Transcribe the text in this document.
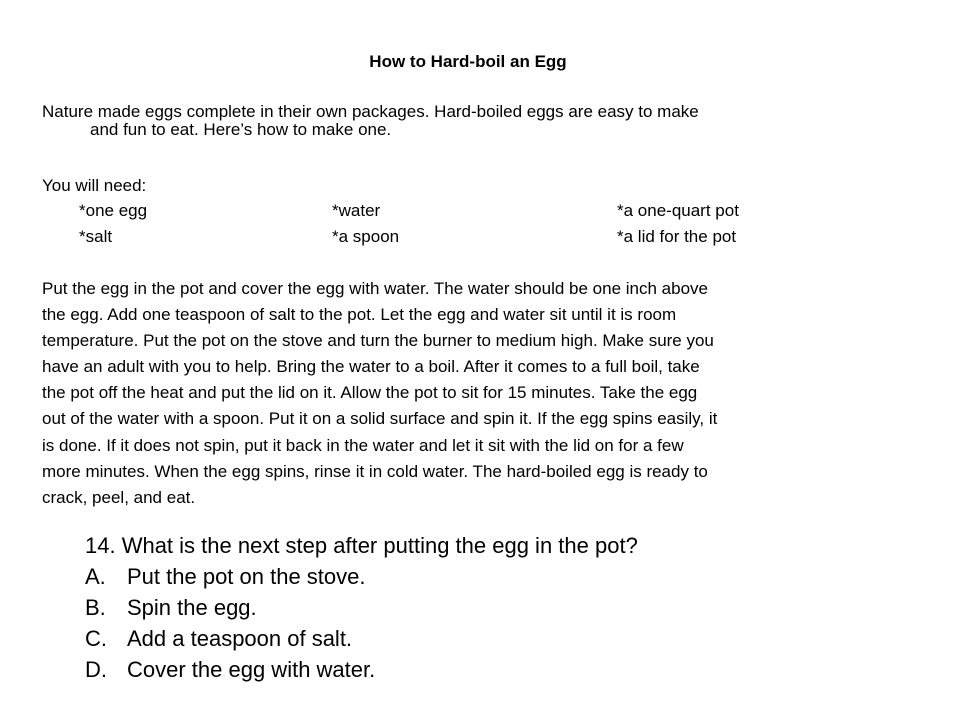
How to Hard-boil an Egg
Nature made eggs complete in their own packages. Hard-boiled eggs are easy to make
and fun to eat. Here’s how to make one.
You will need:
*one egg	*water	*a one-quart pot
*salt	*a spoon	*a lid for the pot
Put the egg in the pot and cover the egg with water. The water should be one inch above
the egg. Add one teaspoon of salt to the pot. Let the egg and water sit until it is room
temperature. Put the pot on the stove and turn the burner to medium high. Make sure you
have an adult with you to help. Bring the water to a boil. After it comes to a full boil, take
the pot off the heat and put the lid on it. Allow the pot to sit for 15 minutes. Take the egg
out of the water with a spoon. Put it on a solid surface and spin it. If the egg spins easily, it
is done. If it does not spin, put it back in the water and let it sit with the lid on for a few
more minutes. When the egg spins, rinse it in cold water. The hard-boiled egg is ready to
crack, peel, and eat.
14. What is the next step after putting the egg in the pot?
A. Put the pot on the stove.
B. Spin the egg.
C. Add a teaspoon of salt.
D. Cover the egg with water.
